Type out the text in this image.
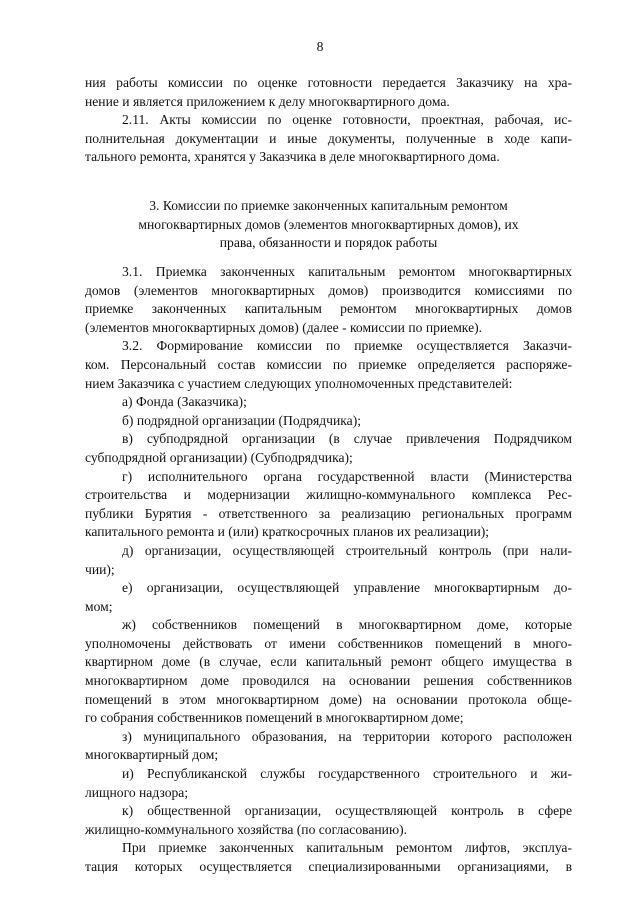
8
ния работы комиссии по оценке готовности передается Заказчику на хра-
нение и является приложением к делу многоквартирного дома.
2.11. Акты комиссии по оценке готовности, проектная, рабочая, ис-
полнительная документации и иные документы, полученные в ходе капи-
тального ремонта, хранятся у Заказчика в деле многоквартирного дома.
3. Комиссии по приемке законченных капитальным ремонтом
многоквартирных домов (элементов многоквартирных домов), их
права, обязанности и порядок работы
3.1. Приемка законченных капитальным ремонтом многоквартирных
домов (элементов многоквартирных домов) производится комиссиями по
приемке законченных капитальным ремонтом многоквартирных домов
(элементов многоквартирных домов) (далее - комиссии по приемке).
3.2. Формирование комиссии по приемке осуществляется Заказчи-
ком. Персональный состав комиссии по приемке определяется распоряже-
нием Заказчика с участием следующих уполномоченных представителей:
а) Фонда (Заказчика);
б) подрядной организации (Подрядчика);
в) субподрядной организации (в случае привлечения Подрядчиком
субподрядной организации) (Субподрядчика);
г) исполнительного органа государственной власти (Министерства
строительства и модернизации жилищно-коммунального комплекса Рес-
публики Бурятия - ответственного за реализацию региональных программ
капитального ремонта и (или) краткосрочных планов их реализации);
д) организации, осуществляющей строительный контроль (при нали-
чии);
е) организации, осуществляющей управление многоквартирным до-
мом;
ж) собственников помещений в многоквартирном доме, которые
уполномочены действовать от имени собственников помещений в много-
квартирном доме (в случае, если капитальный ремонт общего имущества в
многоквартирном доме проводился на основании решения собственников
помещений в этом многоквартирном доме) на основании протокола обще-
го собрания собственников помещений в многоквартирном доме;
з) муниципального образования, на территории которого расположен
многоквартирный дом;
и) Республиканской службы государственного строительного и жи-
лищного надзора;
к) общественной организации, осуществляющей контроль в сфере
жилищно-коммунального хозяйства (по согласованию).
При приемке законченных капитальным ремонтом лифтов, эксплуа-
тация которых осуществляется специализированными организациями, в
